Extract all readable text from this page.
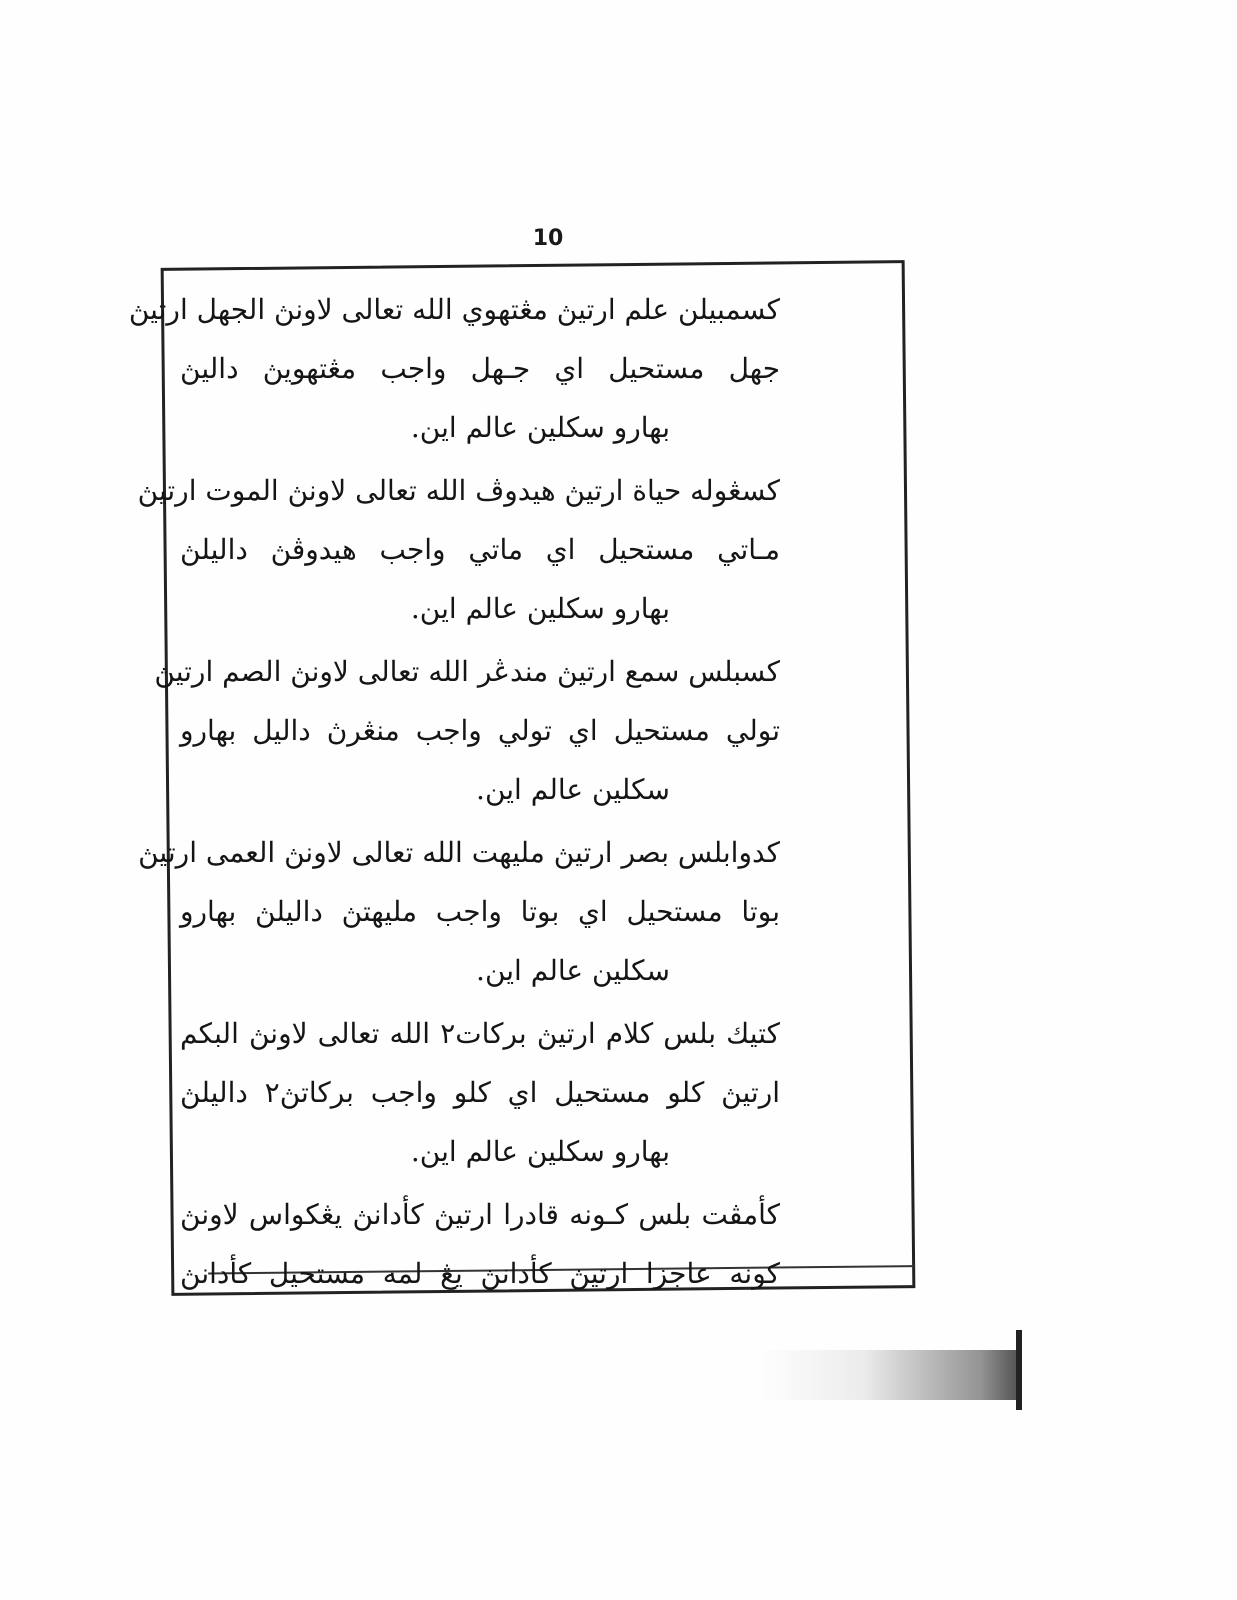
10
كسمبيلن علم ارتيڽ مڠتهوي الله تعالى لاونڽ الجهل ارتيڽ
جهل مستحيل اي جـهل واجب مڠتهويڽ داليڽ
بهارو سكلين عالم اين.
كسڠوله حياة ارتيڽ هيدوڤ الله تعالى لاونڽ الموت ارتيڽ
مـاتي مستحيل اي ماتي واجب هيدوڤڽ داليلڽ
بهارو سكلين عالم اين.
كسبلس سمع ارتيڽ مندڠر الله تعالى لاونڽ الصم ارتيڽ
تولي مستحيل اي تولي واجب منڠرڽ داليل بهارو
سكلين عالم اين.
كدوابلس بصر ارتيڽ مليهت الله تعالى لاونڽ العمى ارتيڽ
بوتا مستحيل اي بوتا واجب مليهتڽ داليلڽ بهارو
سكلين عالم اين.
كتيك بلس كلام ارتيڽ بركات٢ الله تعالى لاونڽ البكم
ارتيڽ كلو مستحيل اي كلو واجب بركاتڽ٢ داليلڽ
بهارو سكلين عالم اين.
كأمڤت بلس كـونه قادرا ارتيڽ كأدانڽ يڠكواس لاونڽ
كونه عاجزا ارتيڽ كأدانڽ يڠ لمه مستحيل كأدانڽ
